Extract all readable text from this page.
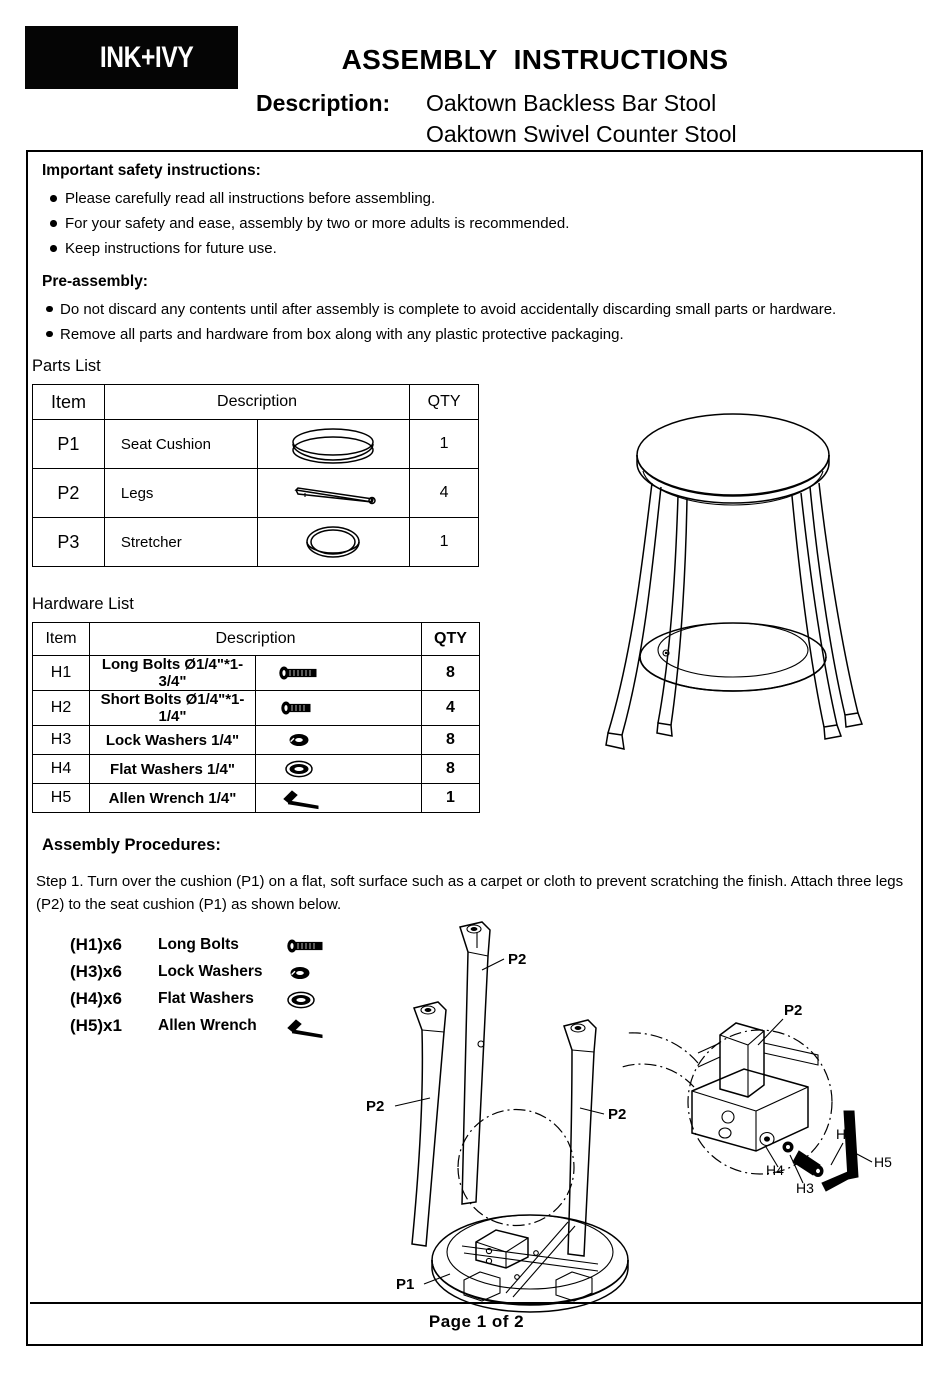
INK+IVY	ASSEMBLY  INSTRUCTIONS
Description: Oaktown Backless Bar Stool
Oaktown Swivel Counter Stool
Important safety instructions:
Please carefully read all instructions before assembling.
For your safety and ease, assembly by two or more adults is recommended.
Keep instructions for future use.
Pre-assembly:
Do not discard any contents until after assembly is complete to avoid accidentally discarding small parts or hardware.
Remove all parts and hardware from box along with any plastic protective packaging.
Parts List
Item	Description		QTY
P1	Seat Cushion		1
P2	Legs		4
P3	Stretcher		1
Hardware List
Item	Description		QTY
H1	Long Bolts Ø1/4"*1-3/4"		8
H2	Short Bolts Ø1/4"*1-1/4"		4
H3	Lock Washers 1/4"		8
H4	Flat Washers 1/4"		8
H5	Allen Wrench 1/4"		1
Assembly Procedures:
Step 1. Turn over the cushion (P1) on a flat, soft surface such as a carpet or cloth to prevent scratching the finish. Attach three legs (P2) to the seat cushion (P1) as shown below.
(H1)x6 Long Bolts
(H3)x6 Lock Washers
(H4)x6 Flat Washers
(H5)x1 Allen Wrench
P2
P2	P2
P1
P2
H1
H3
H4	H5
Page 1 of 2
